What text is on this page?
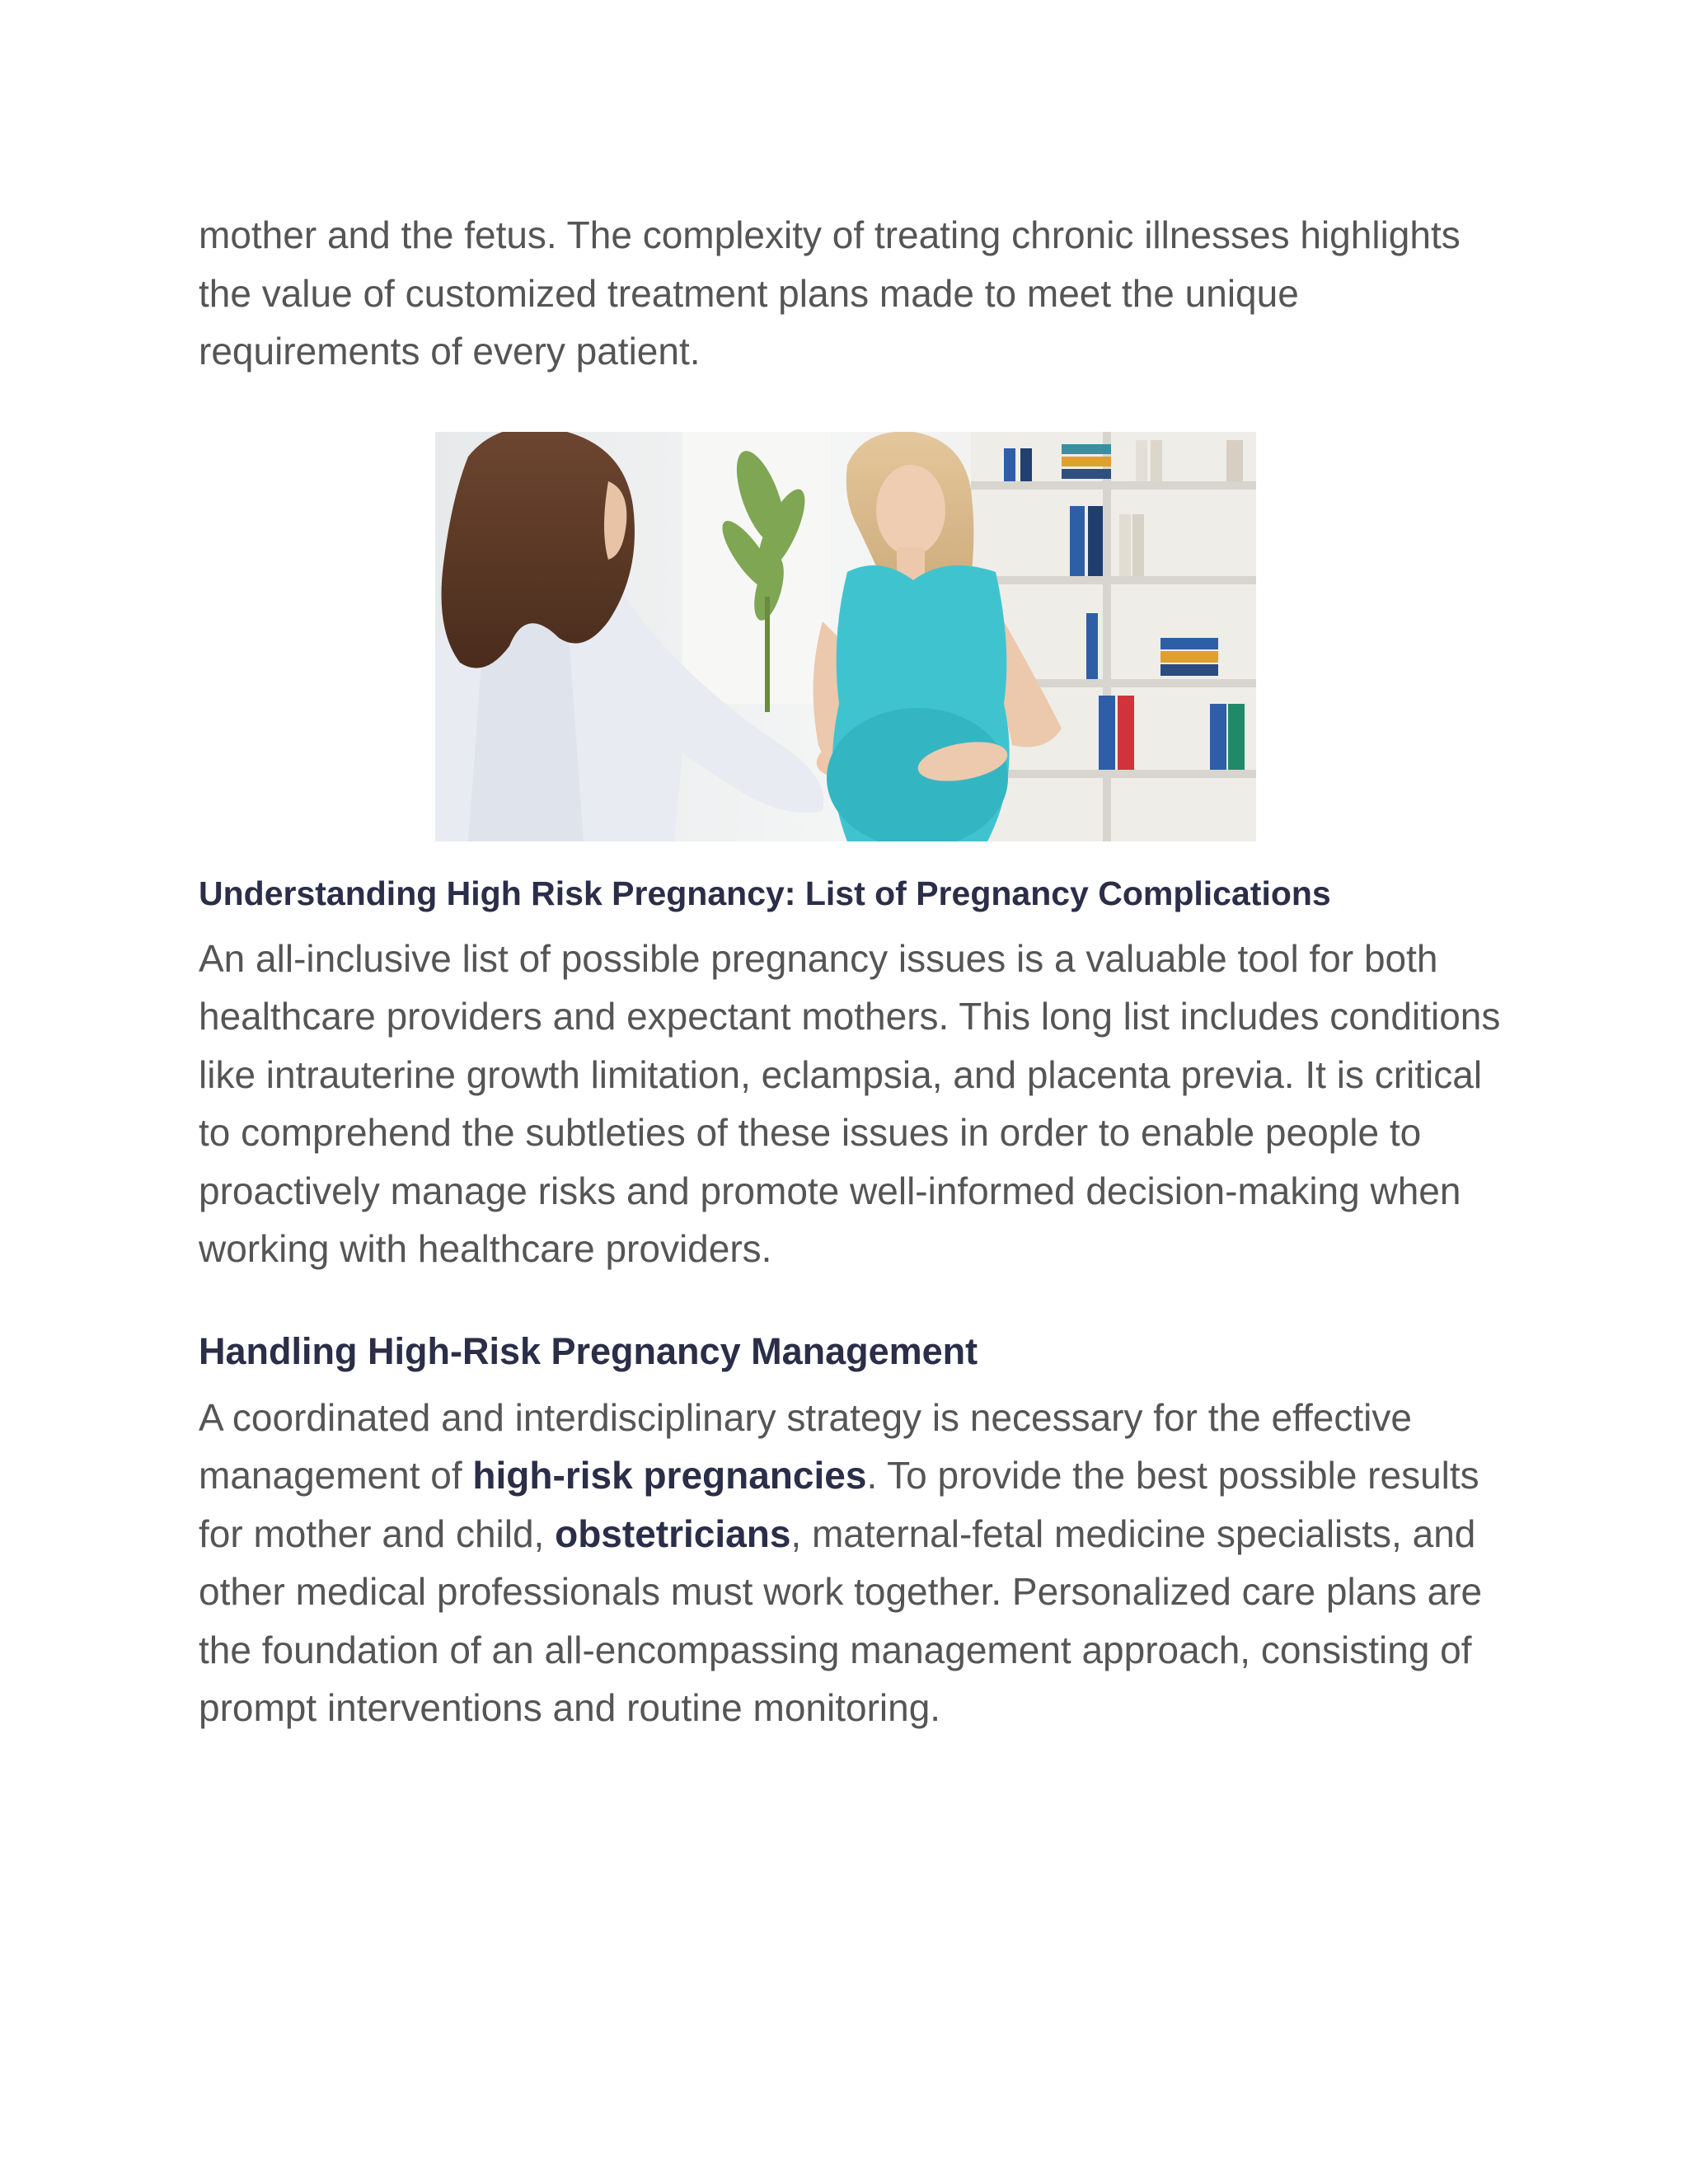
mother and the fetus. The complexity of treating chronic illnesses highlights the value of customized treatment plans made to meet the unique requirements of every patient.

Understanding High Risk Pregnancy: List of Pregnancy Complications

An all-inclusive list of possible pregnancy issues is a valuable tool for both healthcare providers and expectant mothers. This long list includes conditions like intrauterine growth limitation, eclampsia, and placenta previa. It is critical to comprehend the subtleties of these issues in order to enable people to proactively manage risks and promote well-informed decision-making when working with healthcare providers.

Handling High-Risk Pregnancy Management

A coordinated and interdisciplinary strategy is necessary for the effective management of high-risk pregnancies. To provide the best possible results for mother and child, obstetricians, maternal-fetal medicine specialists, and other medical professionals must work together. Personalized care plans are the foundation of an all-encompassing management approach, consisting of prompt interventions and routine monitoring.
